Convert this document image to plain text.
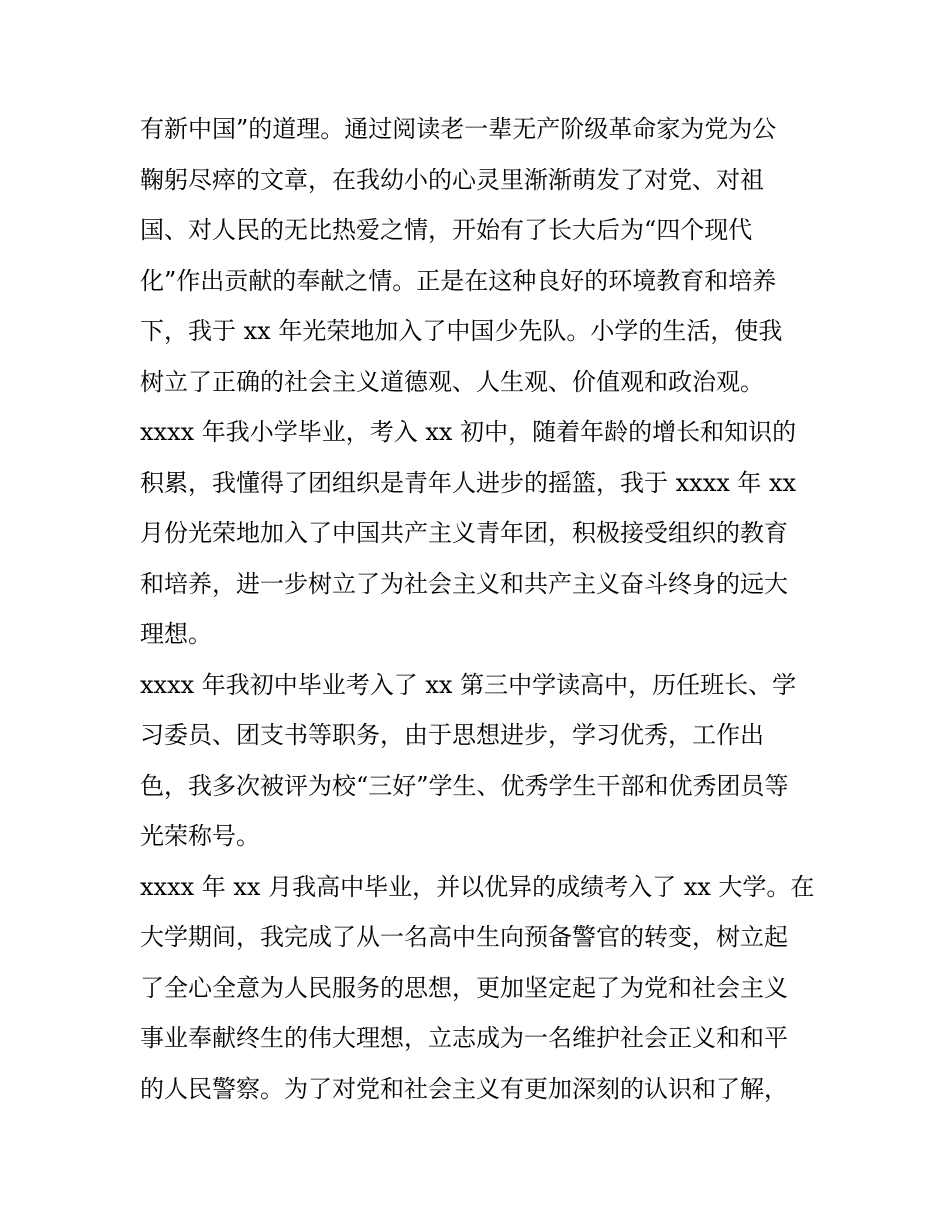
有新中国”的道理。通过阅读老一辈无产阶级革命家为党为公
鞠躬尽瘁的文章，在我幼小的心灵里渐渐萌发了对党、对祖
国、对人民的无比热爱之情，开始有了长大后为“四个现代
化”作出贡献的奉献之情。正是在这种良好的环境教育和培养
下，我于 xx 年光荣地加入了中国少先队。小学的生活，使我
树立了正确的社会主义道德观、人生观、价值观和政治观。
xxxx 年我小学毕业，考入 xx 初中，随着年龄的增长和知识的
积累，我懂得了团组织是青年人进步的摇篮，我于 xxxx 年 xx
月份光荣地加入了中国共产主义青年团，积极接受组织的教育
和培养，进一步树立了为社会主义和共产主义奋斗终身的远大
理想。
xxxx 年我初中毕业考入了 xx 第三中学读高中，历任班长、学
习委员、团支书等职务，由于思想进步，学习优秀，工作出
色，我多次被评为校“三好”学生、优秀学生干部和优秀团员等
光荣称号。
xxxx 年 xx 月我高中毕业，并以优异的成绩考入了 xx 大学。在
大学期间，我完成了从一名高中生向预备警官的转变，树立起
了全心全意为人民服务的思想，更加坚定起了为党和社会主义
事业奉献终生的伟大理想，立志成为一名维护社会正义和和平
的人民警察。为了对党和社会主义有更加深刻的认识和了解，
